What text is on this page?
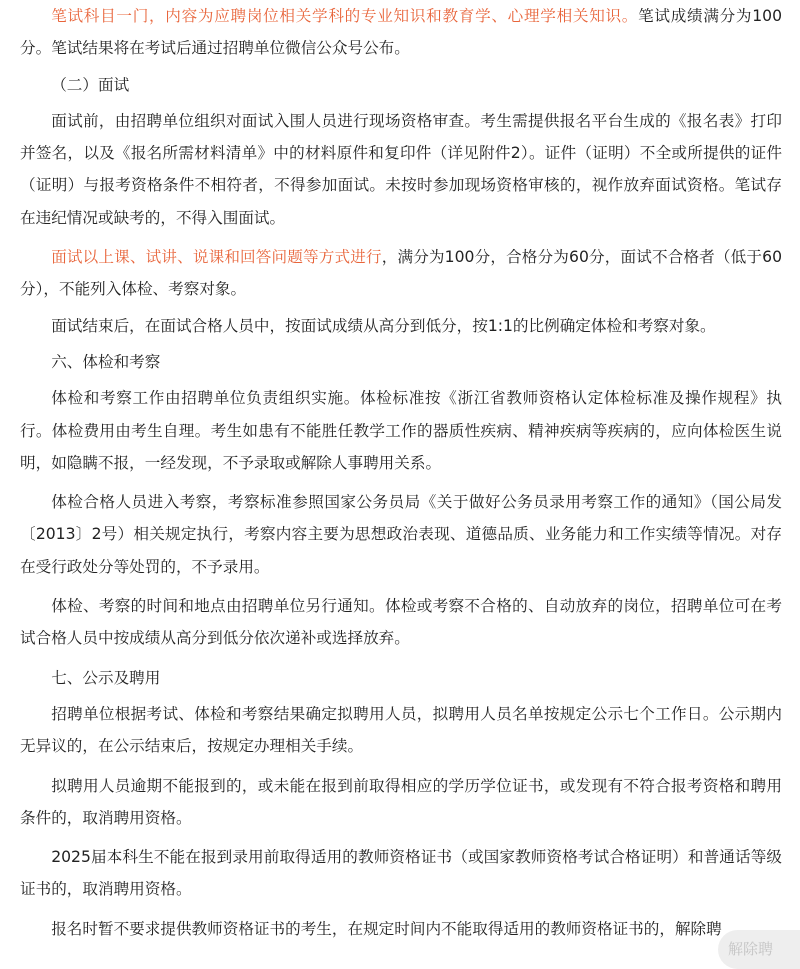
笔试科目一门，内容为应聘岗位相关学科的专业知识和教育学、心理学相关知识。笔试成绩满分为100分。笔试结果将在考试后通过招聘单位微信公众号公布。

（二）面试

面试前，由招聘单位组织对面试入围人员进行现场资格审查。考生需提供报名平台生成的《报名表》打印并签名，以及《报名所需材料清单》中的材料原件和复印件（详见附件2）。证件（证明）不全或所提供的证件（证明）与报考资格条件不相符者，不得参加面试。未按时参加现场资格审核的，视作放弃面试资格。笔试存在违纪情况或缺考的，不得入围面试。

面试以上课、试讲、说课和回答问题等方式进行，满分为100分，合格分为60分，面试不合格者（低于60分），不能列入体检、考察对象。

面试结束后，在面试合格人员中，按面试成绩从高分到低分，按1:1的比例确定体检和考察对象。

六、体检和考察

体检和考察工作由招聘单位负责组织实施。体检标准按《浙江省教师资格认定体检标准及操作规程》执行。体检费用由考生自理。考生如患有不能胜任教学工作的器质性疾病、精神疾病等疾病的，应向体检医生说明，如隐瞒不报，一经发现，不予录取或解除人事聘用关系。

体检合格人员进入考察，考察标准参照国家公务员局《关于做好公务员录用考察工作的通知》（国公局发〔2013〕2号）相关规定执行，考察内容主要为思想政治表现、道德品质、业务能力和工作实绩等情况。对存在受行政处分等处罚的，不予录用。

体检、考察的时间和地点由招聘单位另行通知。体检或考察不合格的、自动放弃的岗位，招聘单位可在考试合格人员中按成绩从高分到低分依次递补或选择放弃。

七、公示及聘用

招聘单位根据考试、体检和考察结果确定拟聘用人员，拟聘用人员名单按规定公示七个工作日。公示期内无异议的，在公示结束后，按规定办理相关手续。

拟聘用人员逾期不能报到的，或未能在报到前取得相应的学历学位证书，或发现有不符合报考资格和聘用条件的，取消聘用资格。

2025届本科生不能在报到录用前取得适用的教师资格证书（或国家教师资格考试合格证明）和普通话等级证书的，取消聘用资格。

报名时暂不要求提供教师资格证书的考生，在规定时间内不能取得适用的教师资格证书的，解除聘

解除聘
